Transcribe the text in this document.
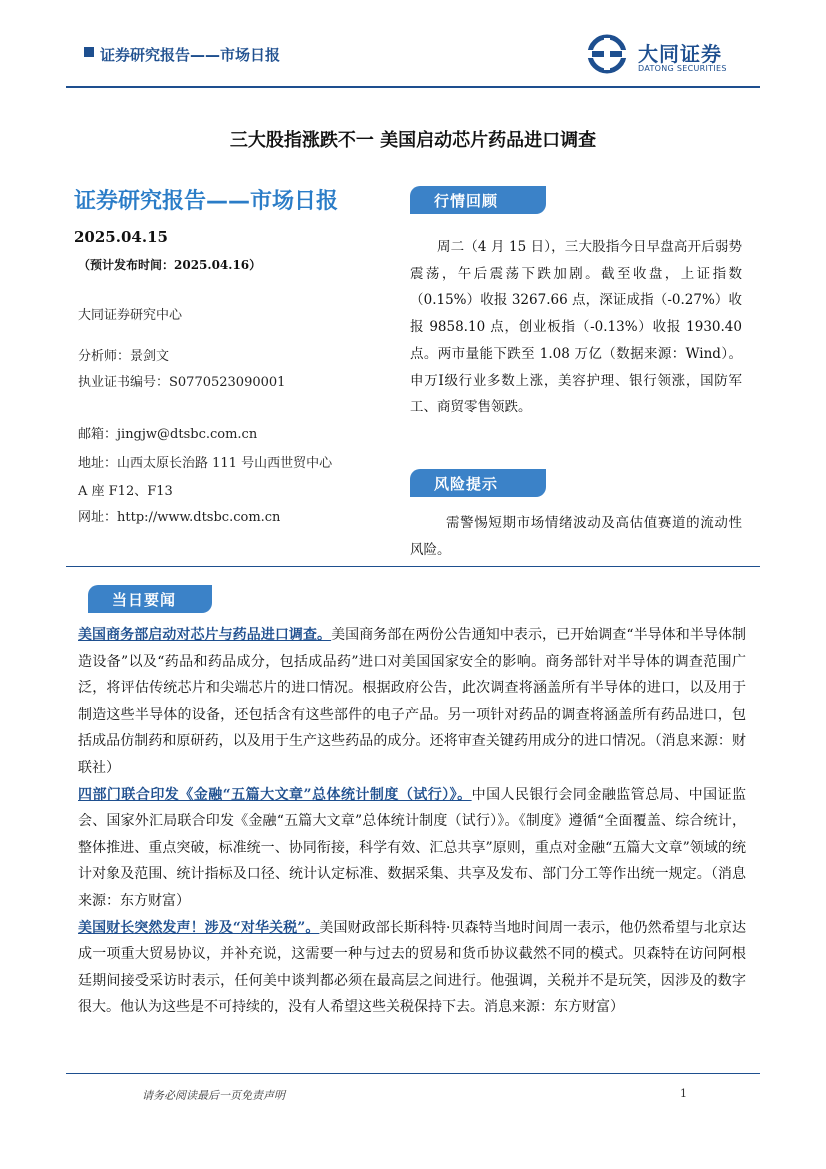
证券研究报告——市场日报	大同证券
DATONG SECURITIES
三大股指涨跌不一 美国启动芯片药品进口调查
证券研究报告——市场日报
2025.04.15
（预计发布时间：2025.04.16）
大同证券研究中心
分析师：景剑文
执业证书编号：S0770523090001
邮箱：jingjw@dtsbc.com.cn
地址：山西太原长治路 111 号山西世贸中心
A 座 F12、F13
网址：http://www.dtsbc.com.cn
行情回顾
周二（4 月 15 日），三大股指今日早盘高开后弱势震荡，午后震荡下跌加剧。截至收盘，上证指数（0.15%）收报 3267.66 点，深证成指（-0.27%）收报 9858.10 点，创业板指（-0.13%）收报 1930.40 点。两市量能下跌至 1.08 万亿（数据来源：Wind）。申万Ⅰ级行业多数上涨，美容护理、银行领涨，国防军工、商贸零售领跌。
风险提示
需警惕短期市场情绪波动及高估值赛道的流动性风险。
当日要闻
美国商务部启动对芯片与药品进口调查。美国商务部在两份公告通知中表示，已开始调查“半导体和半导体制造设备”以及“药品和药品成分，包括成品药”进口对美国国家安全的影响。商务部针对半导体的调查范围广泛，将评估传统芯片和尖端芯片的进口情况。根据政府公告，此次调查将涵盖所有半导体的进口，以及用于制造这些半导体的设备，还包括含有这些部件的电子产品。另一项针对药品的调查将涵盖所有药品进口，包括成品仿制药和原研药，以及用于生产这些药品的成分。还将审查关键药用成分的进口情况。（消息来源：财联社）
四部门联合印发《金融“五篇大文章”总体统计制度（试行）》。中国人民银行会同金融监管总局、中国证监会、国家外汇局联合印发《金融“五篇大文章”总体统计制度（试行）》。《制度》遵循“全面覆盖、综合统计，整体推进、重点突破，标准统一、协同衔接，科学有效、汇总共享”原则，重点对金融“五篇大文章”领域的统计对象及范围、统计指标及口径、统计认定标准、数据采集、共享及发布、部门分工等作出统一规定。（消息来源：东方财富）
美国财长突然发声！涉及“对华关税”。美国财政部长斯科特·贝森特当地时间周一表示，他仍然希望与北京达成一项重大贸易协议，并补充说，这需要一种与过去的贸易和货币协议截然不同的模式。贝森特在访问阿根廷期间接受采访时表示，任何美中谈判都必须在最高层之间进行。他强调，关税并不是玩笑，因涉及的数字很大。他认为这些是不可持续的，没有人希望这些关税保持下去。消息来源：东方财富）
请务必阅读最后一页免责声明	1
